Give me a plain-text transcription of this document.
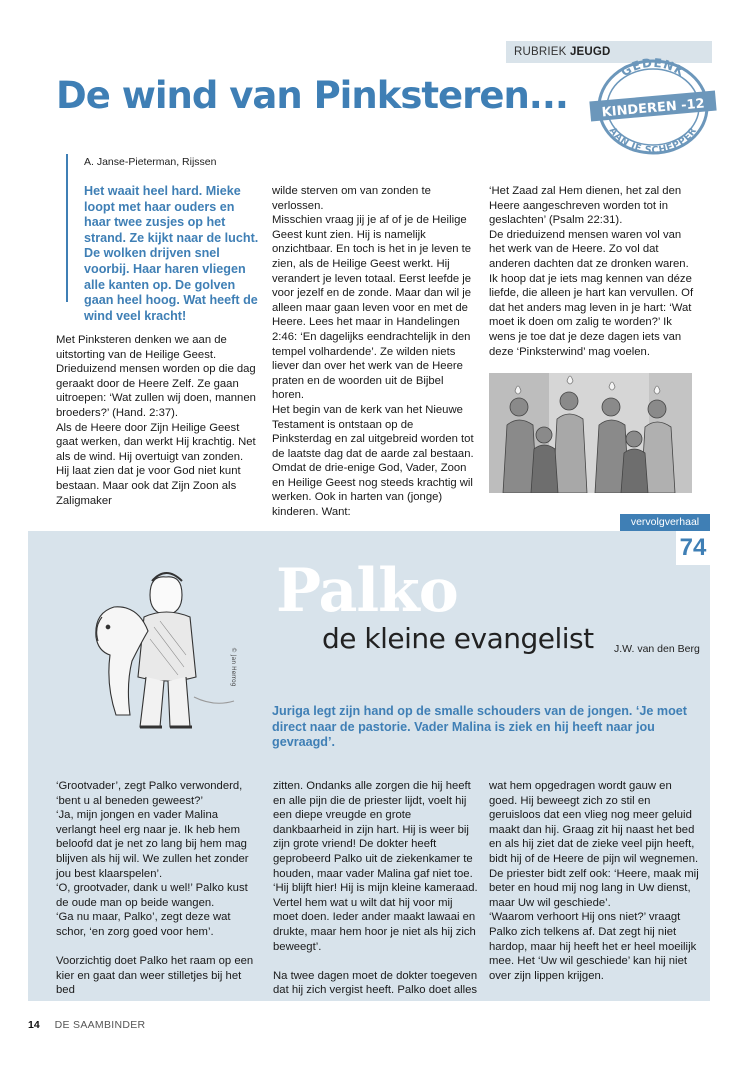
RUBRIEK JEUGD
GEDENK
KINDEREN -12
AAN JE SCHEPPER
De wind van Pinksteren...
A. Janse-Pieterman, Rijssen
Het waait heel hard. Mieke loopt met haar ouders en haar twee zusjes op het strand. Ze kijkt naar de lucht. De wolken drijven snel voorbij. Haar haren vliegen alle kanten op. De golven gaan heel hoog. Wat heeft de wind veel kracht!

Met Pinksteren denken we aan de uitstorting van de Heilige Geest. Drieduizend mensen worden op die dag geraakt door de Heere Zelf. Ze gaan uitroepen: ‘Wat zullen wij doen, mannen broeders?’ (Hand. 2:37).

Als de Heere door Zijn Heilige Geest gaat werken, dan werkt Hij krachtig. Net als de wind. Hij overtuigt van zonden. Hij laat zien dat je voor God niet kunt bestaan. Maar ook dat Zijn Zoon als Zaligmaker

wilde sterven om van zonden te verlossen.

Misschien vraag jij je af of je de Heilige Geest kunt zien. Hij is namelijk onzichtbaar. En toch is het in je leven te zien, als de Heilige Geest werkt. Hij verandert je leven totaal. Eerst leefde je voor jezelf en de zonde. Maar dan wil je alleen maar gaan leven voor en met de Heere. Lees het maar in Handelingen 2:46: ‘En dagelijks eendrachtelijk in den tempel volhardende’. Ze wilden niets liever dan over het werk van de Heere praten en de woorden uit de Bijbel horen.

Het begin van de kerk van het Nieuwe Testament is ontstaan op de Pinksterdag en zal uitgebreid worden tot de laatste dag dat de aarde zal bestaan. Omdat de drie-enige God, Vader, Zoon en Heilige Geest nog steeds krachtig wil werken. Ook in harten van (jonge) kinderen. Want:

‘Het Zaad zal Hem dienen, het zal den Heere aangeschreven worden tot in geslachten’ (Psalm 22:31).

De drieduizend mensen waren vol van het werk van de Heere. Zo vol dat anderen dachten dat ze dronken waren. Ik hoop dat je iets mag kennen van déze liefde, die alleen je hart kan vervullen. Of dat het anders mag leven in je hart: ‘Wat moet ik doen om zalig te worden?’ Ik wens je toe dat je deze dagen iets van deze ‘Pinksterwind’ mag voelen.

vervolgverhaal
74
© Jan Herrog
Palko
de kleine evangelist J.W. van den Berg
Juriga legt zijn hand op de smalle schouders van de jongen. ‘Je moet direct naar de pastorie. Vader Malina is ziek en hij heeft naar jou gevraagd’.

‘Grootvader’, zegt Palko verwonderd, ‘bent u al beneden geweest?’

‘Ja, mijn jongen en vader Malina verlangt heel erg naar je. Ik heb hem beloofd dat je net zo lang bij hem mag blijven als hij wil. We zullen het zonder jou best klaarspelen’.

‘O, grootvader, dank u wel!’ Palko kust de oude man op beide wangen.

‘Ga nu maar, Palko’, zegt deze wat schor, ‘en zorg goed voor hem’.

Voorzichtig doet Palko het raam op een kier en gaat dan weer stilletjes bij het bed

zitten. Ondanks alle zorgen die hij heeft en alle pijn die de priester lijdt, voelt hij een diepe vreugde en grote dankbaarheid in zijn hart. Hij is weer bij zijn grote vriend! De dokter heeft geprobeerd Palko uit de ziekenkamer te houden, maar vader Malina gaf niet toe. ‘Hij blijft hier! Hij is mijn kleine kameraad. Vertel hem wat u wilt dat hij voor mij moet doen. Ieder ander maakt lawaai en drukte, maar hem hoor je niet als hij zich beweegt’.

Na twee dagen moet de dokter toegeven dat hij zich vergist heeft. Palko doet alles

wat hem opgedragen wordt gauw en goed. Hij beweegt zich zo stil en geruisloos dat een vlieg nog meer geluid maakt dan hij. Graag zit hij naast het bed en als hij ziet dat de zieke veel pijn heeft, bidt hij of de Heere de pijn wil wegnemen. De priester bidt zelf ook: ‘Heere, maak mij beter en houd mij nog lang in Uw dienst, maar Uw wil geschiede’.

‘Waarom verhoort Hij ons niet?’ vraagt Palko zich telkens af. Dat zegt hij niet hardop, maar hij heeft het er heel moeilijk mee. Het ‘Uw wil geschiede’ kan hij niet over zijn lippen krijgen.

14 DE SAAMBINDER
